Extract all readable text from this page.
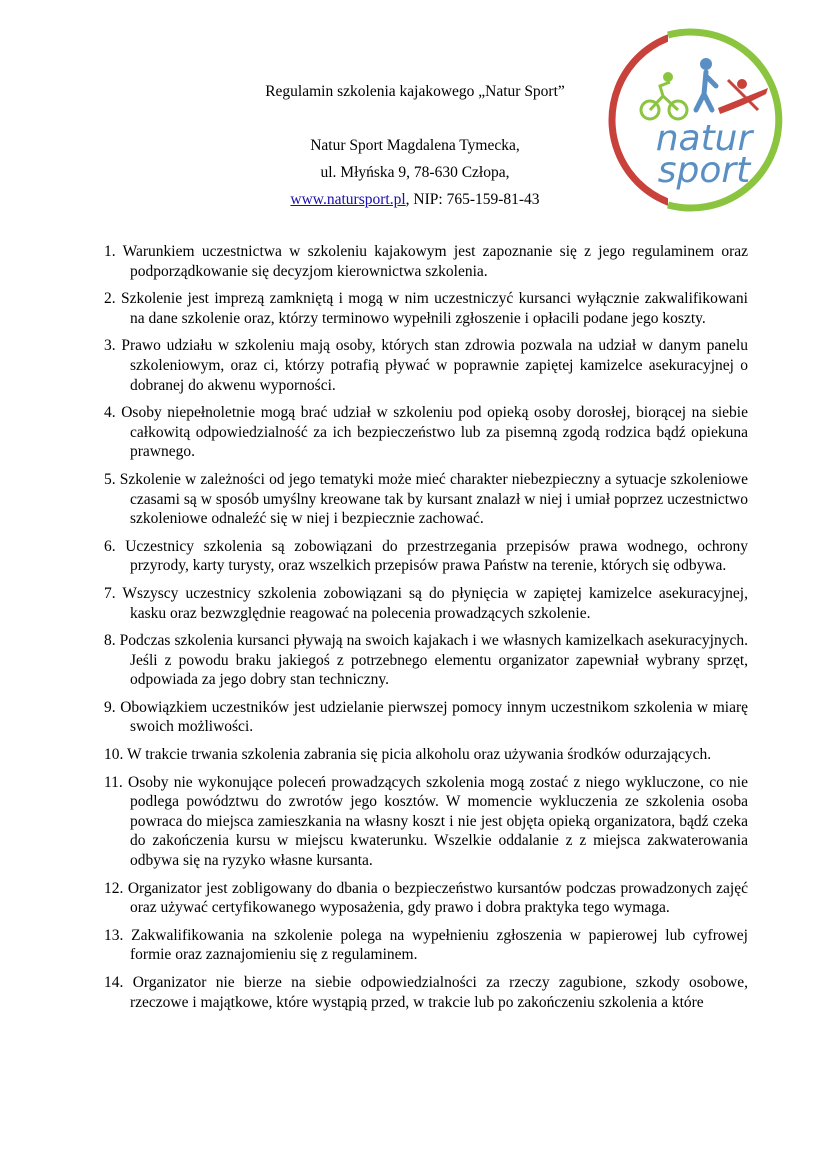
Regulamin szkolenia kajakowego „Natur Sport”
Natur Sport Magdalena Tymecka,
ul. Młyńska 9, 78-630 Człopa,
www.natursport.pl, NIP: 765-159-81-43
natur
sport
1. Warunkiem uczestnictwa w szkoleniu kajakowym jest zapoznanie się z jego regulaminem oraz podporządkowanie się decyzjom kierownictwa szkolenia.
2. Szkolenie jest imprezą zamkniętą i mogą w nim uczestniczyć kursanci wyłącznie zakwalifikowani na dane szkolenie oraz, którzy terminowo wypełnili zgłoszenie i opłacili podane jego koszty.
3. Prawo udziału w szkoleniu mają osoby, których stan zdrowia pozwala na udział w danym panelu szkoleniowym, oraz ci, którzy potrafią pływać w poprawnie zapiętej kamizelce asekuracyjnej o dobranej do akwenu wyporności.
4. Osoby niepełnoletnie mogą brać udział w szkoleniu pod opieką osoby dorosłej, biorącej na siebie całkowitą odpowiedzialność za ich bezpieczeństwo lub za pisemną zgodą rodzica bądź opiekuna prawnego.
5. Szkolenie w zależności od jego tematyki może mieć charakter niebezpieczny a sytuacje szkoleniowe czasami są w sposób umyślny kreowane tak by kursant znalazł w niej i umiał poprzez uczestnictwo szkoleniowe odnaleźć się w niej i bezpiecznie zachować.
6. Uczestnicy szkolenia są zobowiązani do przestrzegania przepisów prawa wodnego, ochrony przyrody, karty turysty, oraz wszelkich przepisów prawa Państw na terenie, których się odbywa.
7. Wszyscy uczestnicy szkolenia zobowiązani są do płynięcia w zapiętej kamizelce asekuracyjnej, kasku oraz bezwzględnie reagować na polecenia prowadzących szkolenie.
8. Podczas szkolenia kursanci pływają na swoich kajakach i we własnych kamizelkach asekuracyjnych. Jeśli z powodu braku jakiegoś z potrzebnego elementu organizator zapewniał wybrany sprzęt, odpowiada za jego dobry stan techniczny.
9. Obowiązkiem uczestników jest udzielanie pierwszej pomocy innym uczestnikom szkolenia w miarę swoich możliwości.
10. W trakcie trwania szkolenia zabrania się picia alkoholu oraz używania środków odurzających.
11. Osoby nie wykonujące poleceń prowadzących szkolenia mogą zostać z niego wykluczone, co nie podlega powództwu do zwrotów jego kosztów. W momencie wykluczenia ze szkolenia osoba powraca do miejsca zamieszkania na własny koszt i nie jest objęta opieką organizatora, bądź czeka do zakończenia kursu w miejscu kwaterunku. Wszelkie oddalanie z z miejsca zakwaterowania odbywa się na ryzyko własne kursanta.
12. Organizator jest zobligowany do dbania o bezpieczeństwo kursantów podczas prowadzonych zajęć oraz używać certyfikowanego wyposażenia, gdy prawo i dobra praktyka tego wymaga.
13. Zakwalifikowania na szkolenie polega na wypełnieniu zgłoszenia w papierowej lub cyfrowej formie oraz zaznajomieniu się z regulaminem.
14. Organizator nie bierze na siebie odpowiedzialności za rzeczy zagubione, szkody osobowe, rzeczowe i majątkowe, które wystąpią przed, w trakcie lub po zakończeniu szkolenia a które
